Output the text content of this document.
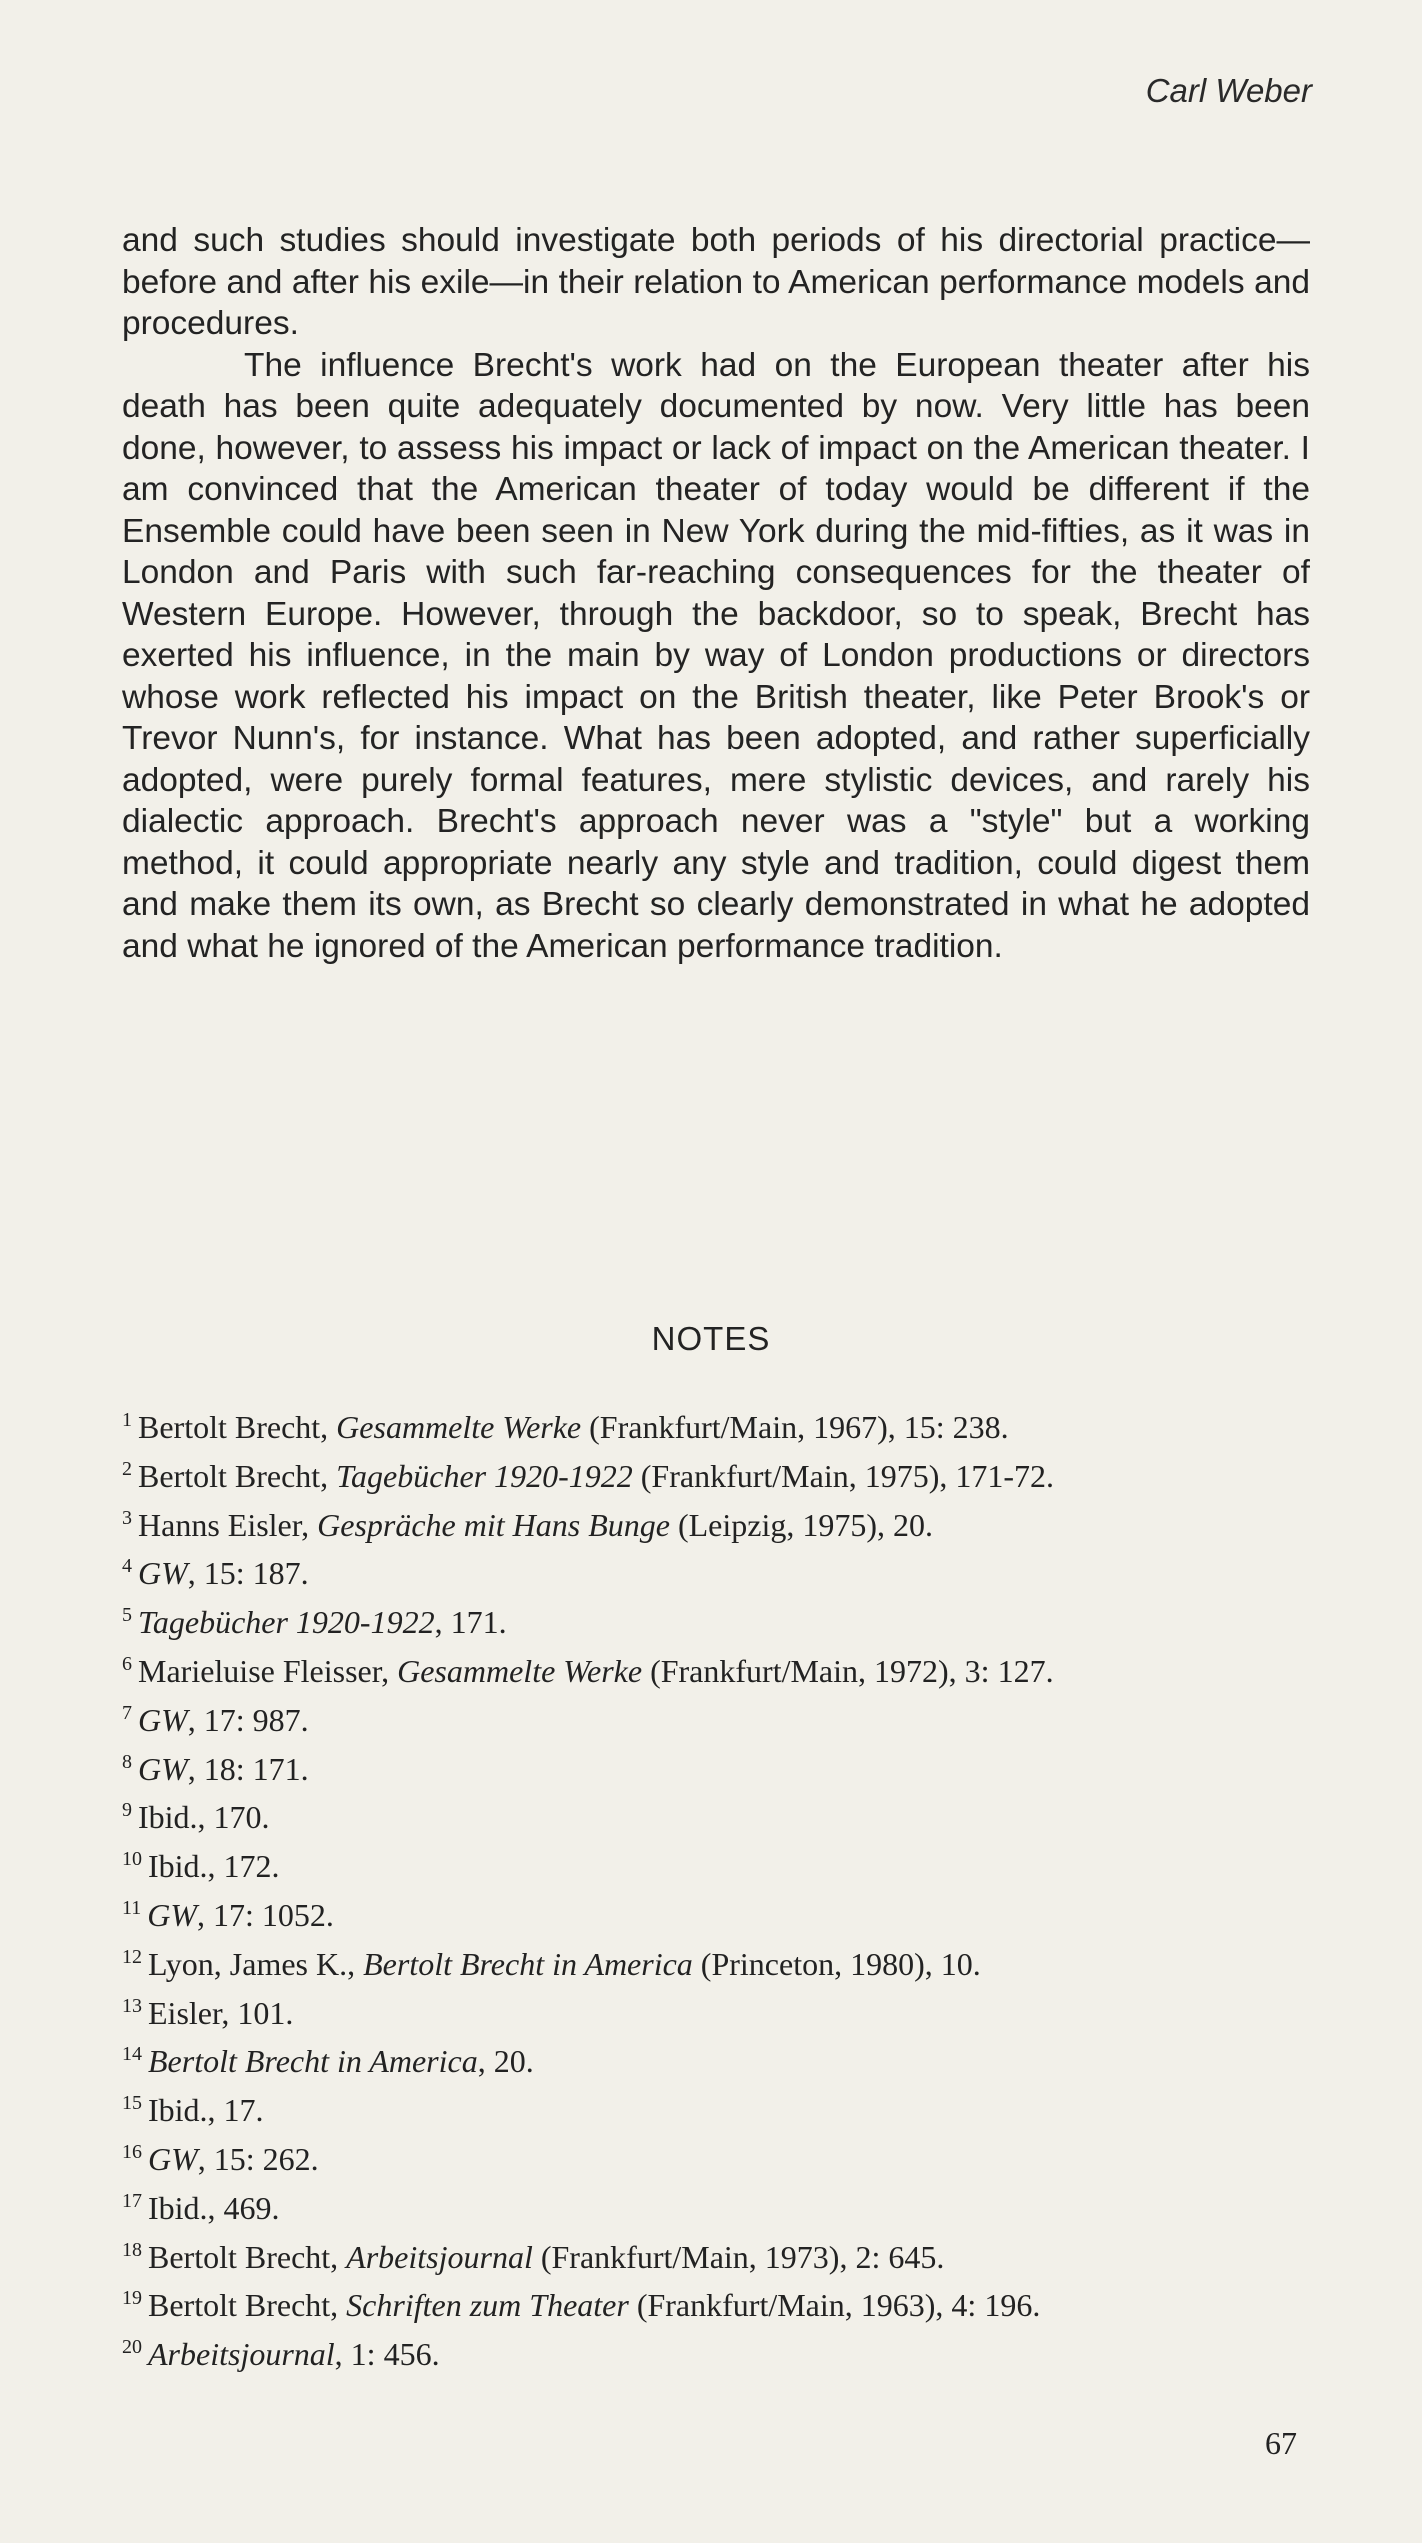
Carl Weber

and such studies should investigate both periods of his directorial practice—before and after his exile—in their relation to American performance models and procedures.

The influence Brecht's work had on the European theater after his death has been quite adequately documented by now. Very little has been done, however, to assess his impact or lack of impact on the American theater. I am convinced that the American theater of today would be different if the Ensemble could have been seen in New York during the mid-fifties, as it was in London and Paris with such far-reaching consequences for the theater of Western Europe. However, through the backdoor, so to speak, Brecht has exerted his influence, in the main by way of London productions or directors whose work reflected his impact on the British theater, like Peter Brook's or Trevor Nunn's, for instance. What has been adopted, and rather superficially adopted, were purely formal features, mere stylistic devices, and rarely his dialectic approach. Brecht's approach never was a "style" but a working method, it could appropriate nearly any style and tradition, could digest them and make them its own, as Brecht so clearly demonstrated in what he adopted and what he ignored of the American performance tradition.

NOTES

$^1$ Bertolt Brecht, Gesammelte Werke (Frankfurt/Main, 1967), 15: 238.

$^2$ Bertolt Brecht, Tagebücher 1920-1922 (Frankfurt/Main, 1975), 171-72.

$^3$ Hanns Eisler, Gespräche mit Hans Bunge (Leipzig, 1975), 20.

$^4$ GW, 15: 187.

$^5$ Tagebücher 1920-1922, 171.

$^6$ Marieluise Fleisser, Gesammelte Werke (Frankfurt/Main, 1972), 3: 127.

$^7$ GW, 17: 987.

$^8$ GW, 18: 171.

$^9$ Ibid., 170.

$^{10}$ Ibid., 172.

$^{11}$ GW, 17: 1052.

$^{12}$ Lyon, James K., Bertolt Brecht in America (Princeton, 1980), 10.

$^{13}$ Eisler, 101.

$^{14}$ Bertolt Brecht in America, 20.

$^{15}$ Ibid., 17.

$^{16}$ GW, 15: 262.

$^{17}$ Ibid., 469.

$^{18}$ Bertolt Brecht, Arbeitsjournal (Frankfurt/Main, 1973), 2: 645.

$^{19}$ Bertolt Brecht, Schriften zum Theater (Frankfurt/Main, 1963), 4: 196.

$^{20}$ Arbeitsjournal, 1: 456.

67
